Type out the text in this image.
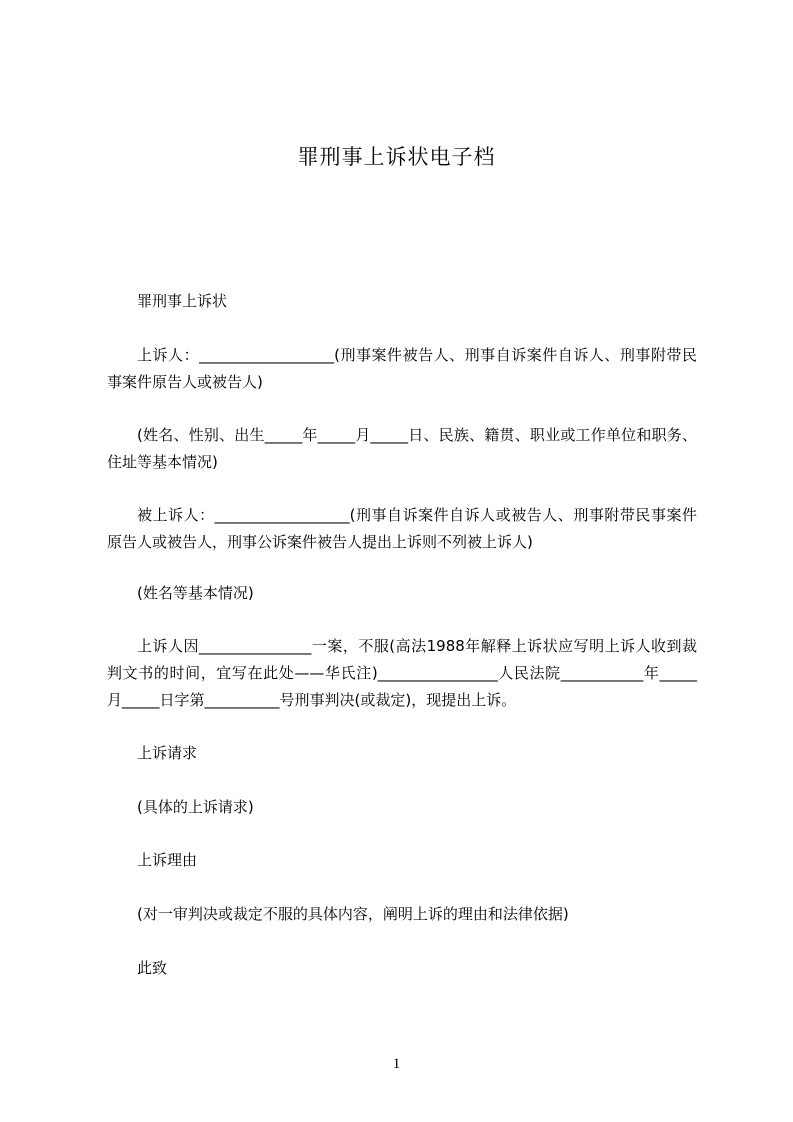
罪刑事上诉状电子档
罪刑事上诉状
上诉人：__________________(刑事案件被告人、刑事自诉案件自诉人、刑事附带民事案件原告人或被告人)
(姓名、性别、出生_____年_____月_____日、民族、籍贯、职业或工作单位和职务、住址等基本情况)
被上诉人：__________________(刑事自诉案件自诉人或被告人、刑事附带民事案件原告人或被告人，刑事公诉案件被告人提出上诉则不列被上诉人)
(姓名等基本情况)
上诉人因_______________一案，不服(高法1988年解释上诉状应写明上诉人收到裁判文书的时间，宜写在此处——华氏注)________________人民法院___________年_____月_____日字第__________号刑事判决(或裁定)，现提出上诉。
上诉请求
(具体的上诉请求)
上诉理由
(对一审判决或裁定不服的具体内容，阐明上诉的理由和法律依据)
此致
1
